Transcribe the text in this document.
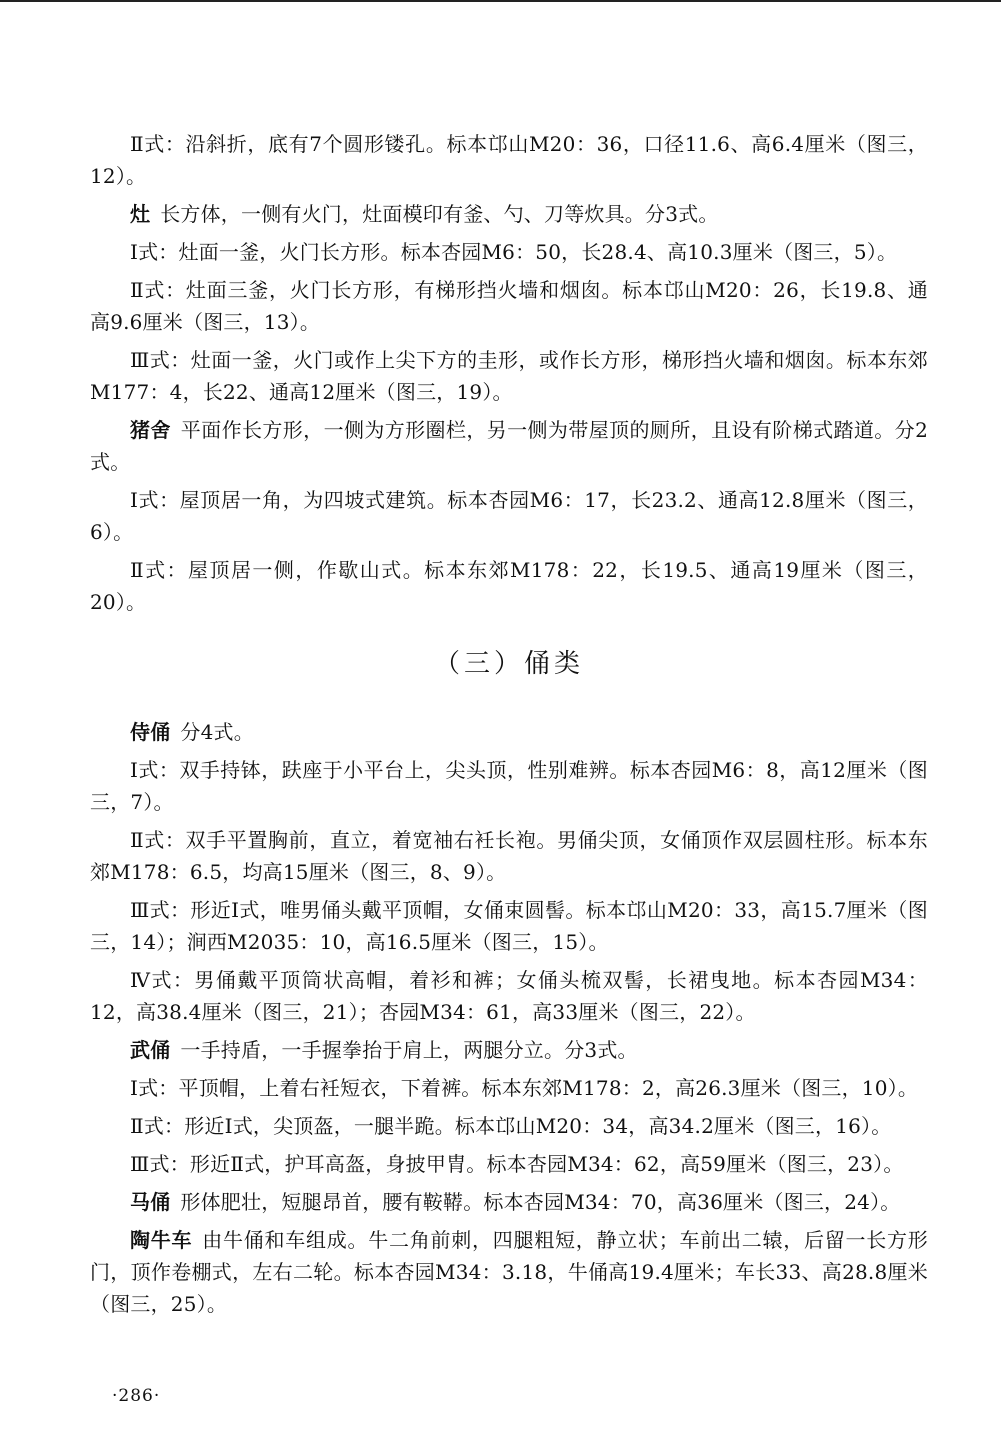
Ⅱ式：沿斜折，底有7个圆形镂孔。标本邙山M20：36，口径11.6、高6.4厘米（图三，12）。

灶 长方体，一侧有火门，灶面模印有釜、勺、刀等炊具。分3式。

Ⅰ式：灶面一釜，火门长方形。标本杏园M6：50，长28.4、高10.3厘米（图三，5）。

Ⅱ式：灶面三釜，火门长方形，有梯形挡火墙和烟囱。标本邙山M20：26，长19.8、通高9.6厘米（图三，13）。

Ⅲ式：灶面一釜，火门或作上尖下方的圭形，或作长方形，梯形挡火墙和烟囱。标本东郊M177：4，长22、通高12厘米（图三，19）。

猪舍 平面作长方形，一侧为方形圈栏，另一侧为带屋顶的厕所，且设有阶梯式踏道。分2式。

Ⅰ式：屋顶居一角，为四坡式建筑。标本杏园M6：17，长23.2、通高12.8厘米（图三，6）。

Ⅱ式：屋顶居一侧，作歇山式。标本东郊M178：22，长19.5、通高19厘米（图三，20）。

（三）俑类

侍俑 分4式。

Ⅰ式：双手持钵，趺座于小平台上，尖头顶，性别难辨。标本杏园M6：8，高12厘米（图三，7）。

Ⅱ式：双手平置胸前，直立，着宽袖右衽长袍。男俑尖顶，女俑顶作双层圆柱形。标本东郊M178：6.5，均高15厘米（图三，8、9）。

Ⅲ式：形近Ⅰ式，唯男俑头戴平顶帽，女俑束圆髻。标本邙山M20：33，高15.7厘米（图三，14）；涧西M2035：10，高16.5厘米（图三，15）。

Ⅳ式：男俑戴平顶筒状高帽，着衫和裤；女俑头梳双髻，长裙曳地。标本杏园M34：12，高38.4厘米（图三，21）；杏园M34：61，高33厘米（图三，22）。

武俑 一手持盾，一手握拳抬于肩上，两腿分立。分3式。

Ⅰ式：平顶帽，上着右衽短衣，下着裤。标本东郊M178：2，高26.3厘米（图三，10）。

Ⅱ式：形近Ⅰ式，尖顶盔，一腿半跪。标本邙山M20：34，高34.2厘米（图三，16）。

Ⅲ式：形近Ⅱ式，护耳高盔，身披甲胄。标本杏园M34：62，高59厘米（图三，23）。

马俑 形体肥壮，短腿昂首，腰有鞍鞯。标本杏园M34：70，高36厘米（图三，24）。

陶牛车 由牛俑和车组成。牛二角前刺，四腿粗短，静立状；车前出二辕，后留一长方形门，顶作卷棚式，左右二轮。标本杏园M34：3.18，牛俑高19.4厘米；车长33、高28.8厘米（图三，25）。

·286·
